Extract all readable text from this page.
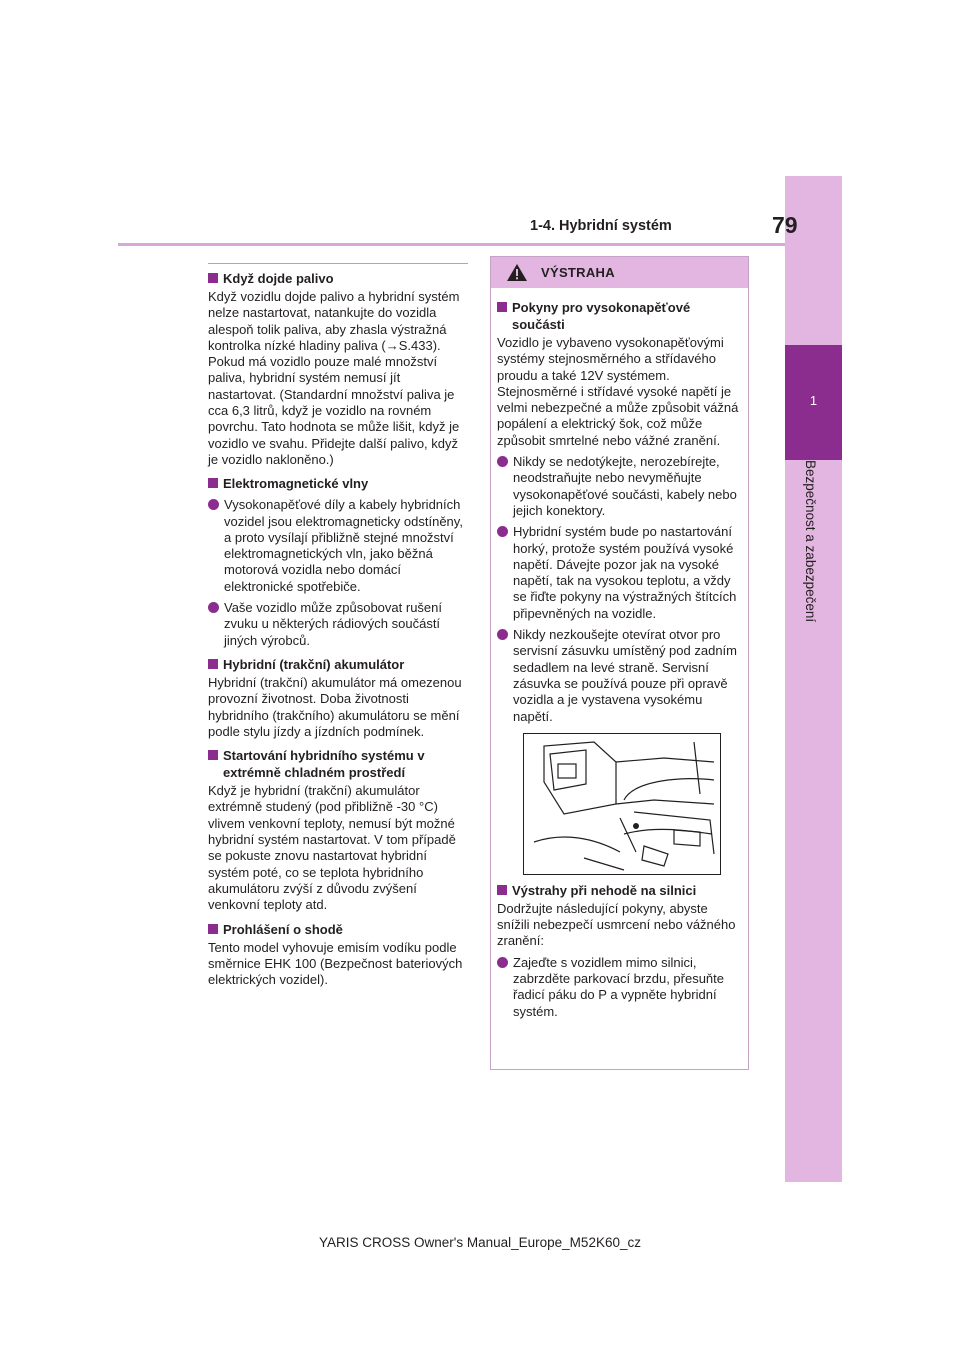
1
Bezpečnost a zabezpečení
1-4. Hybridní systém	79
Když dojde palivo
Když vozidlu dojde palivo a hybridní systém nelze nastartovat, natankujte do vozidla alespoň tolik paliva, aby zhasla výstražná kontrolka nízké hladiny paliva (→S.433). Pokud má vozidlo pouze malé množství paliva, hybridní systém nemusí jít nastartovat. (Standardní množství paliva je cca 6,3 litrů, když je vozidlo na rovném povrchu. Tato hodnota se může lišit, když je vozidlo ve svahu. Přidejte další palivo, když je vozidlo nakloněno.)
Elektromagnetické vlny
Vysokonapěťové díly a kabely hybridních vozidel jsou elektromagneticky odstíněny, a proto vysílají přibližně stejné množství elektromagnetických vln, jako běžná motorová vozidla nebo domácí elektronické spotřebiče.
Vaše vozidlo může způsobovat rušení zvuku u některých rádiových součástí jiných výrobců.
Hybridní (trakční) akumulátor
Hybridní (trakční) akumulátor má omezenou provozní životnost. Doba životnosti hybridního (trakčního) akumulátoru se mění podle stylu jízdy a jízdních podmínek.
Startování hybridního systému v extrémně chladném prostředí
Když je hybridní (trakční) akumulátor extrémně studený (pod přibližně -30 °C) vlivem venkovní teploty, nemusí být možné hybridní systém nastartovat. V tom případě se pokuste znovu nastartovat hybridní systém poté, co se teplota hybridního akumulátoru zvýší z důvodu zvýšení venkovní teploty atd.
Prohlášení o shodě
Tento model vyhovuje emisím vodíku podle směrnice EHK 100 (Bezpečnost bateriových elektrických vozidel).
VÝSTRAHA
Pokyny pro vysokonapěťové součásti
Vozidlo je vybaveno vysokonapěťovými systémy stejnosměrného a střídavého proudu a také 12V systémem. Stejnosměrné i střídavé vysoké napětí je velmi nebezpečné a může způsobit vážná popálení a elektrický šok, což může způsobit smrtelné nebo vážné zranění.
Nikdy se nedotýkejte, nerozebírejte, neodstraňujte nebo nevyměňujte vysokonapěťové součásti, kabely nebo jejich konektory.
Hybridní systém bude po nastartování horký, protože systém používá vysoké napětí. Dávejte pozor jak na vysoké napětí, tak na vysokou teplotu, a vždy se řiďte pokyny na výstražných štítcích připevněných na vozidle.
Nikdy nezkoušejte otevírat otvor pro servisní zásuvku umístěný pod zadním sedadlem na levé straně. Servisní zásuvka se používá pouze při opravě vozidla a je vystavena vysokému napětí.
Výstrahy při nehodě na silnici
Dodržujte následující pokyny, abyste snížili nebezpečí usmrcení nebo vážného zranění:
Zajeďte s vozidlem mimo silnici, zabrzděte parkovací brzdu, přesuňte řadicí páku do P a vypněte hybridní systém.
YARIS CROSS Owner's Manual_Europe_M52K60_cz
